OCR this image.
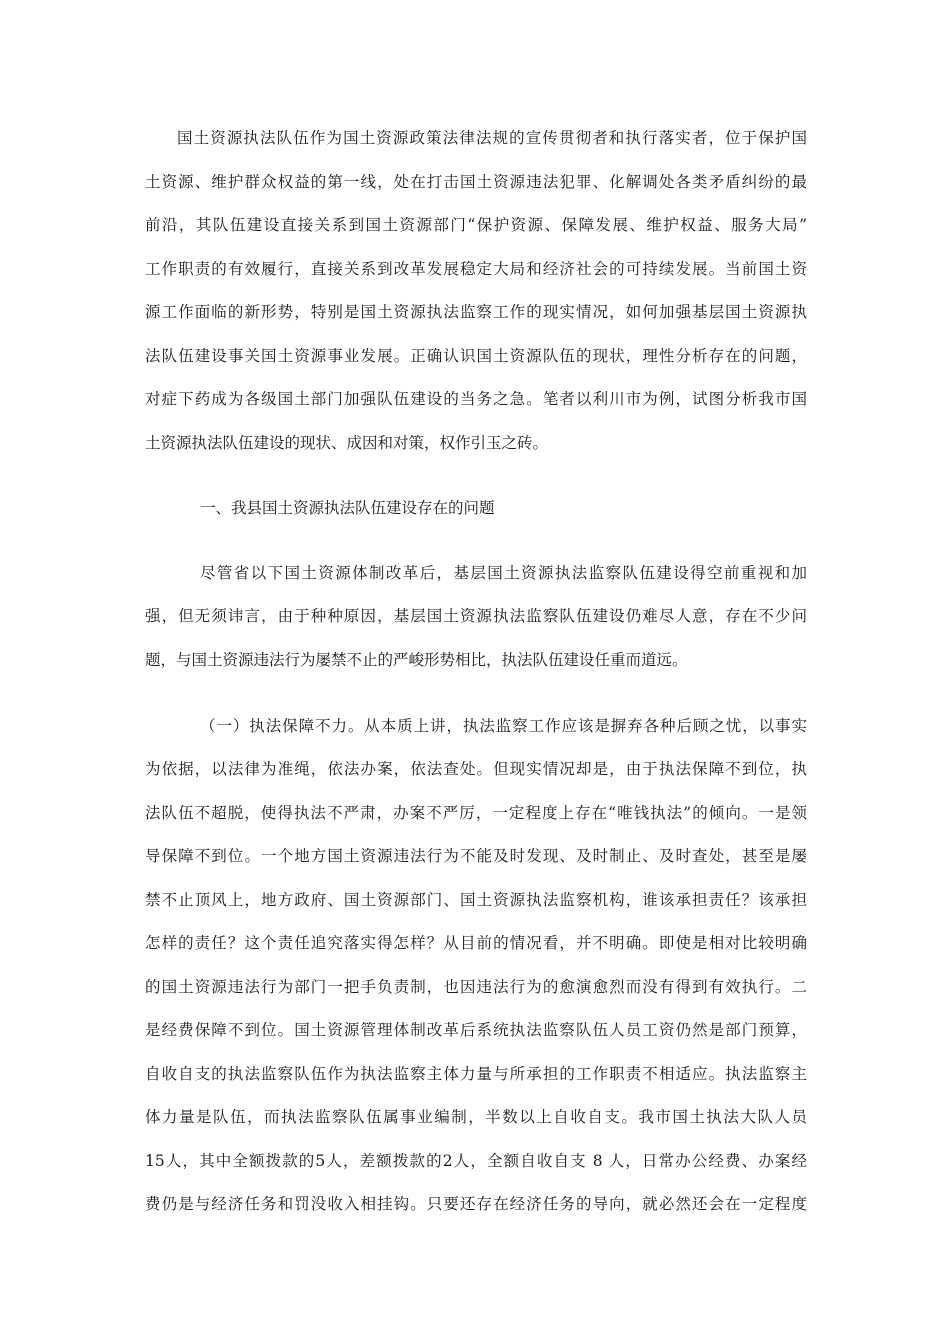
国土资源执法队伍作为国土资源政策法律法规的宣传贯彻者和执行落实者，位于保护国
土资源、维护群众权益的第一线，处在打击国土资源违法犯罪、化解调处各类矛盾纠纷的最
前沿，其队伍建设直接关系到国土资源部门“保护资源、保障发展、维护权益、服务大局”
工作职责的有效履行，直接关系到改革发展稳定大局和经济社会的可持续发展。当前国土资
源工作面临的新形势，特别是国土资源执法监察工作的现实情况，如何加强基层国土资源执
法队伍建设事关国土资源事业发展。正确认识国土资源队伍的现状，理性分析存在的问题，
对症下药成为各级国土部门加强队伍建设的当务之急。笔者以利川市为例，试图分析我市国
土资源执法队伍建设的现状、成因和对策，权作引玉之砖。
一、我县国土资源执法队伍建设存在的问题
尽管省以下国土资源体制改革后，基层国土资源执法监察队伍建设得空前重视和加
强，但无须讳言，由于种种原因，基层国土资源执法监察队伍建设仍难尽人意，存在不少问
题，与国土资源违法行为屡禁不止的严峻形势相比，执法队伍建设任重而道远。
（一）执法保障不力。从本质上讲，执法监察工作应该是摒弃各种后顾之忧，以事实
为依据，以法律为准绳，依法办案，依法查处。但现实情况却是，由于执法保障不到位，执
法队伍不超脱，使得执法不严肃，办案不严厉，一定程度上存在“唯钱执法”的倾向。一是领
导保障不到位。一个地方国土资源违法行为不能及时发现、及时制止、及时查处，甚至是屡
禁不止顶风上，地方政府、国土资源部门、国土资源执法监察机构，谁该承担责任？该承担
怎样的责任？这个责任追究落实得怎样？从目前的情况看，并不明确。即使是相对比较明确
的国土资源违法行为部门一把手负责制，也因违法行为的愈演愈烈而没有得到有效执行。二
是经费保障不到位。国土资源管理体制改革后系统执法监察队伍人员工资仍然是部门预算，
自收自支的执法监察队伍作为执法监察主体力量与所承担的工作职责不相适应。执法监察主
体力量是队伍，而执法监察队伍属事业编制，半数以上自收自支。我市国土执法大队人员
15人，其中全额拨款的5人，差额拨款的2人，全额自收自支 8 人，日常办公经费、办案经
费仍是与经济任务和罚没收入相挂钩。只要还存在经济任务的导向，就必然还会在一定程度
